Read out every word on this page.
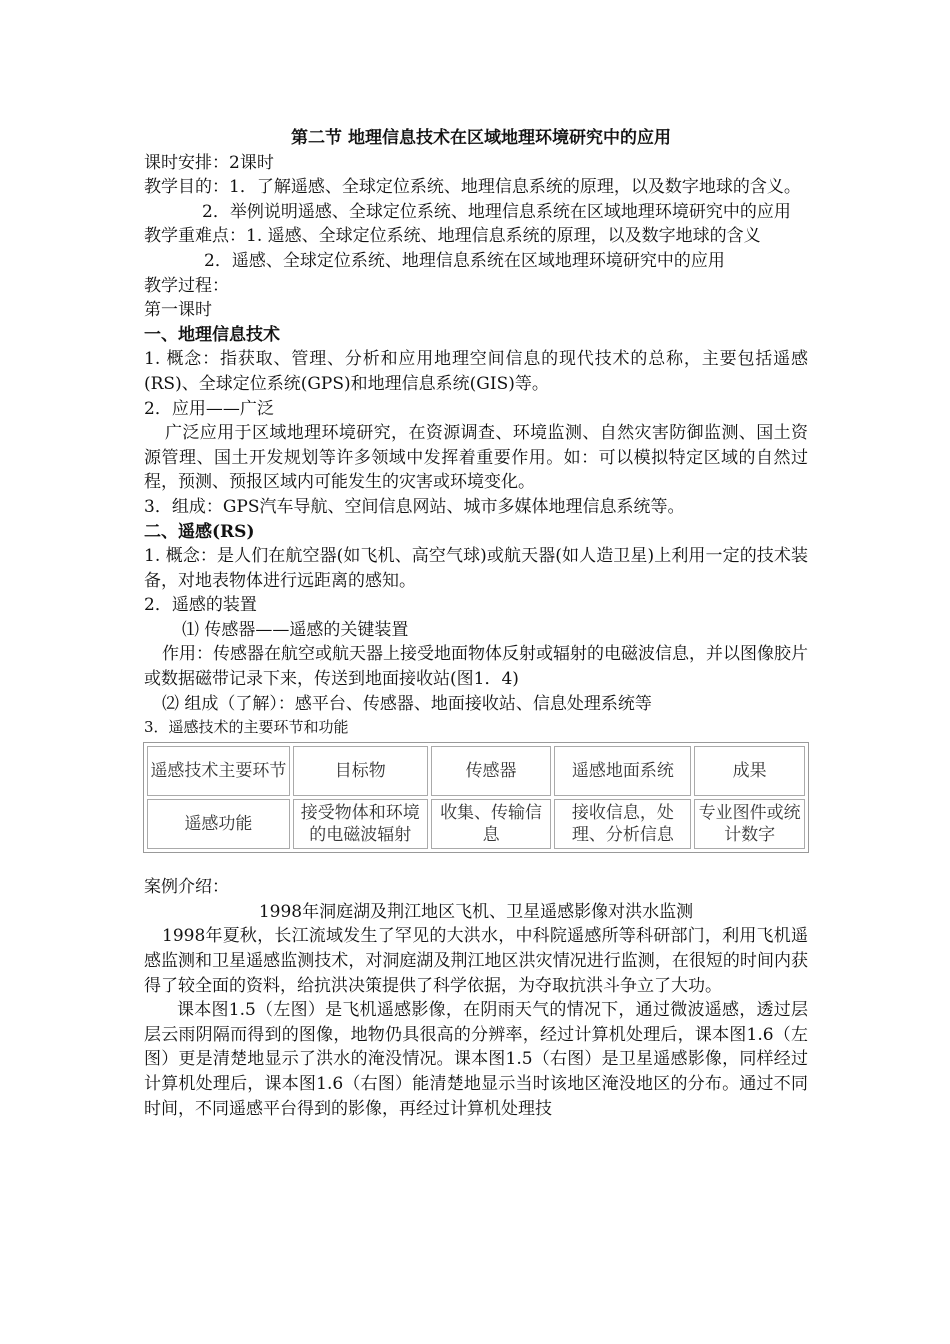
第二节 地理信息技术在区域地理环境研究中的应用

课时安排：2课时

教学目的：1．了解遥感、全球定位系统、地理信息系统的原理，以及数字地球的含义。

2．举例说明遥感、全球定位系统、地理信息系统在区域地理环境研究中的应用

教学重难点：1. 遥感、全球定位系统、地理信息系统的原理，以及数字地球的含义

2．遥感、全球定位系统、地理信息系统在区域地理环境研究中的应用

教学过程：

第一课时

一、地理信息技术

1. 概念：指获取、管理、分析和应用地理空间信息的现代技术的总称，主要包括遥感(RS)、全球定位系统(GPS)和地理信息系统(GIS)等。

2．应用——广泛

广泛应用于区域地理环境研究，在资源调查、环境监测、自然灾害防御监测、国土资源管理、国土开发规划等许多领域中发挥着重要作用。如：可以模拟特定区域的自然过程，预测、预报区域内可能发生的灾害或环境变化。

3．组成：GPS汽车导航、空间信息网站、城市多媒体地理信息系统等。

二、遥感(RS)

1. 概念：是人们在航空器(如飞机、高空气球)或航天器(如人造卫星)上利用一定的技术装备，对地表物体进行远距离的感知。

2．遥感的装置

⑴ 传感器——遥感的关键装置

作用：传感器在航空或航天器上接受地面物体反射或辐射的电磁波信息，并以图像胶片或数据磁带记录下来，传送到地面接收站(图1．4)

⑵ 组成（了解）：感平台、传感器、地面接收站、信息处理系统等

3．遥感技术的主要环节和功能

遥感技术主要环节	目标物	传感器	遥感地面系统	成果
遥感功能	接受物体和环境的电磁波辐射	收集、传输信息	接收信息，处理、分析信息	专业图件或统计数字

案例介绍：

1998年洞庭湖及荆江地区飞机、卫星遥感影像对洪水监测

1998年夏秋，长江流域发生了罕见的大洪水，中科院遥感所等科研部门，利用飞机遥感监测和卫星遥感监测技术，对洞庭湖及荆江地区洪灾情况进行监测，在很短的时间内获得了较全面的资料，给抗洪决策提供了科学依据，为夺取抗洪斗争立了大功。

课本图1.5（左图）是飞机遥感影像，在阴雨天气的情况下，通过微波遥感，透过层层云雨阴隔而得到的图像，地物仍具很高的分辨率，经过计算机处理后，课本图1.6（左图）更是清楚地显示了洪水的淹没情况。课本图1.5（右图）是卫星遥感影像，同样经过计算机处理后，课本图1.6（右图）能清楚地显示当时该地区淹没地区的分布。通过不同时间，不同遥感平台得到的影像，再经过计算机处理技
